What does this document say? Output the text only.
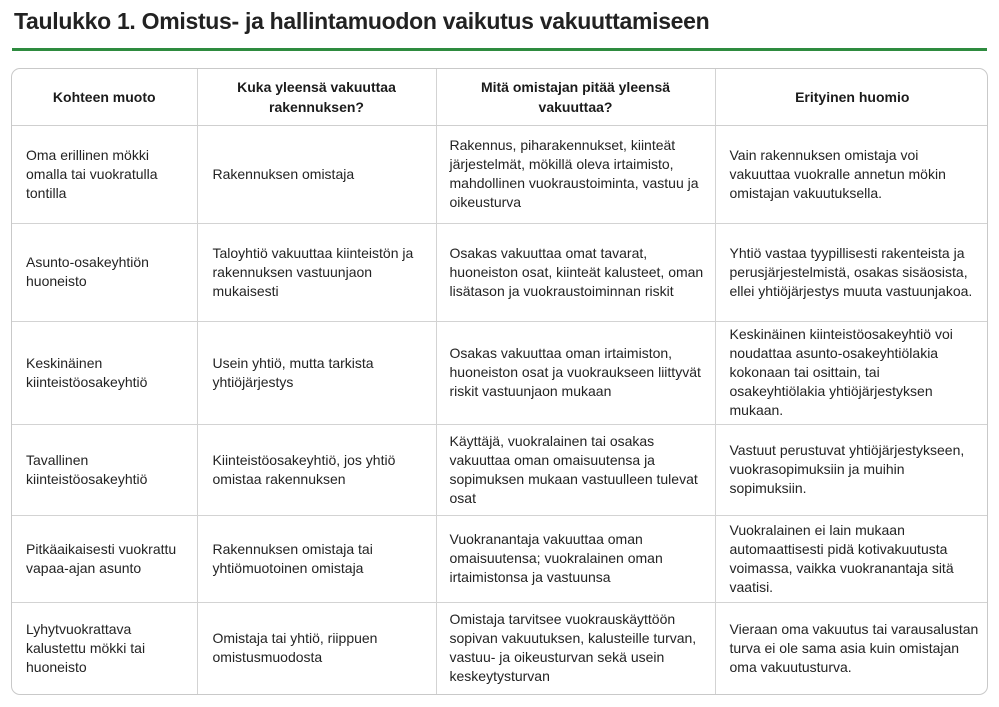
Taulukko 1. Omistus- ja hallintamuodon vaikutus vakuuttamiseen
Kohteen muoto	Kuka yleensä vakuuttaa rakennuksen?	Mitä omistajan pitää yleensä vakuuttaa?	Erityinen huomio
Oma erillinen mökki omalla tai vuokratulla tontilla	Rakennuksen omistaja	Rakennus, piharakennukset, kiinteät järjestelmät, mökillä oleva irtaimisto, mahdollinen vuokraustoiminta, vastuu ja oikeusturva	Vain rakennuksen omistaja voi vakuuttaa vuokralle annetun mökin omistajan vakuutuksella.
Asunto-osakeyhtiön huoneisto	Taloyhtiö vakuuttaa kiinteistön ja rakennuksen vastuunjaon mukaisesti	Osakas vakuuttaa omat tavarat, huoneiston osat, kiinteät kalusteet, oman lisätason ja vuokraustoiminnan riskit	Yhtiö vastaa tyypillisesti rakenteista ja perusjärjestelmistä, osakas sisäosista, ellei yhtiöjärjestys muuta vastuunjakoa.
Keskinäinen kiinteistöosakeyhtiö	Usein yhtiö, mutta tarkista yhtiöjärjestys	Osakas vakuuttaa oman irtaimiston, huoneiston osat ja vuokraukseen liittyvät riskit vastuunjaon mukaan	Keskinäinen kiinteistöosakeyhtiö voi noudattaa asunto-osakeyhtiölakia kokonaan tai osittain, tai osakeyhtiölakia yhtiöjärjestyksen mukaan.
Tavallinen kiinteistöosakeyhtiö	Kiinteistöosakeyhtiö, jos yhtiö omistaa rakennuksen	Käyttäjä, vuokralainen tai osakas vakuuttaa oman omaisuutensa ja sopimuksen mukaan vastuulleen tulevat osat	Vastuut perustuvat yhtiöjärjestykseen, vuokrasopimuksiin ja muihin sopimuksiin.
Pitkäaikaisesti vuokrattu vapaa-ajan asunto	Rakennuksen omistaja tai yhtiömuotoinen omistaja	Vuokranantaja vakuuttaa oman omaisuutensa; vuokralainen oman irtaimistonsa ja vastuunsa	Vuokralainen ei lain mukaan automaattisesti pidä kotivakuutusta voimassa, vaikka vuokranantaja sitä vaatisi.
Lyhytvuokrattava kalustettu mökki tai huoneisto	Omistaja tai yhtiö, riippuen omistusmuodosta	Omistaja tarvitsee vuokrauskäyttöön sopivan vakuutuksen, kalusteille turvan, vastuu- ja oikeusturvan sekä usein keskeytysturvan	Vieraan oma vakuutus tai varausalustan turva ei ole sama asia kuin omistajan oma vakuutusturva.
